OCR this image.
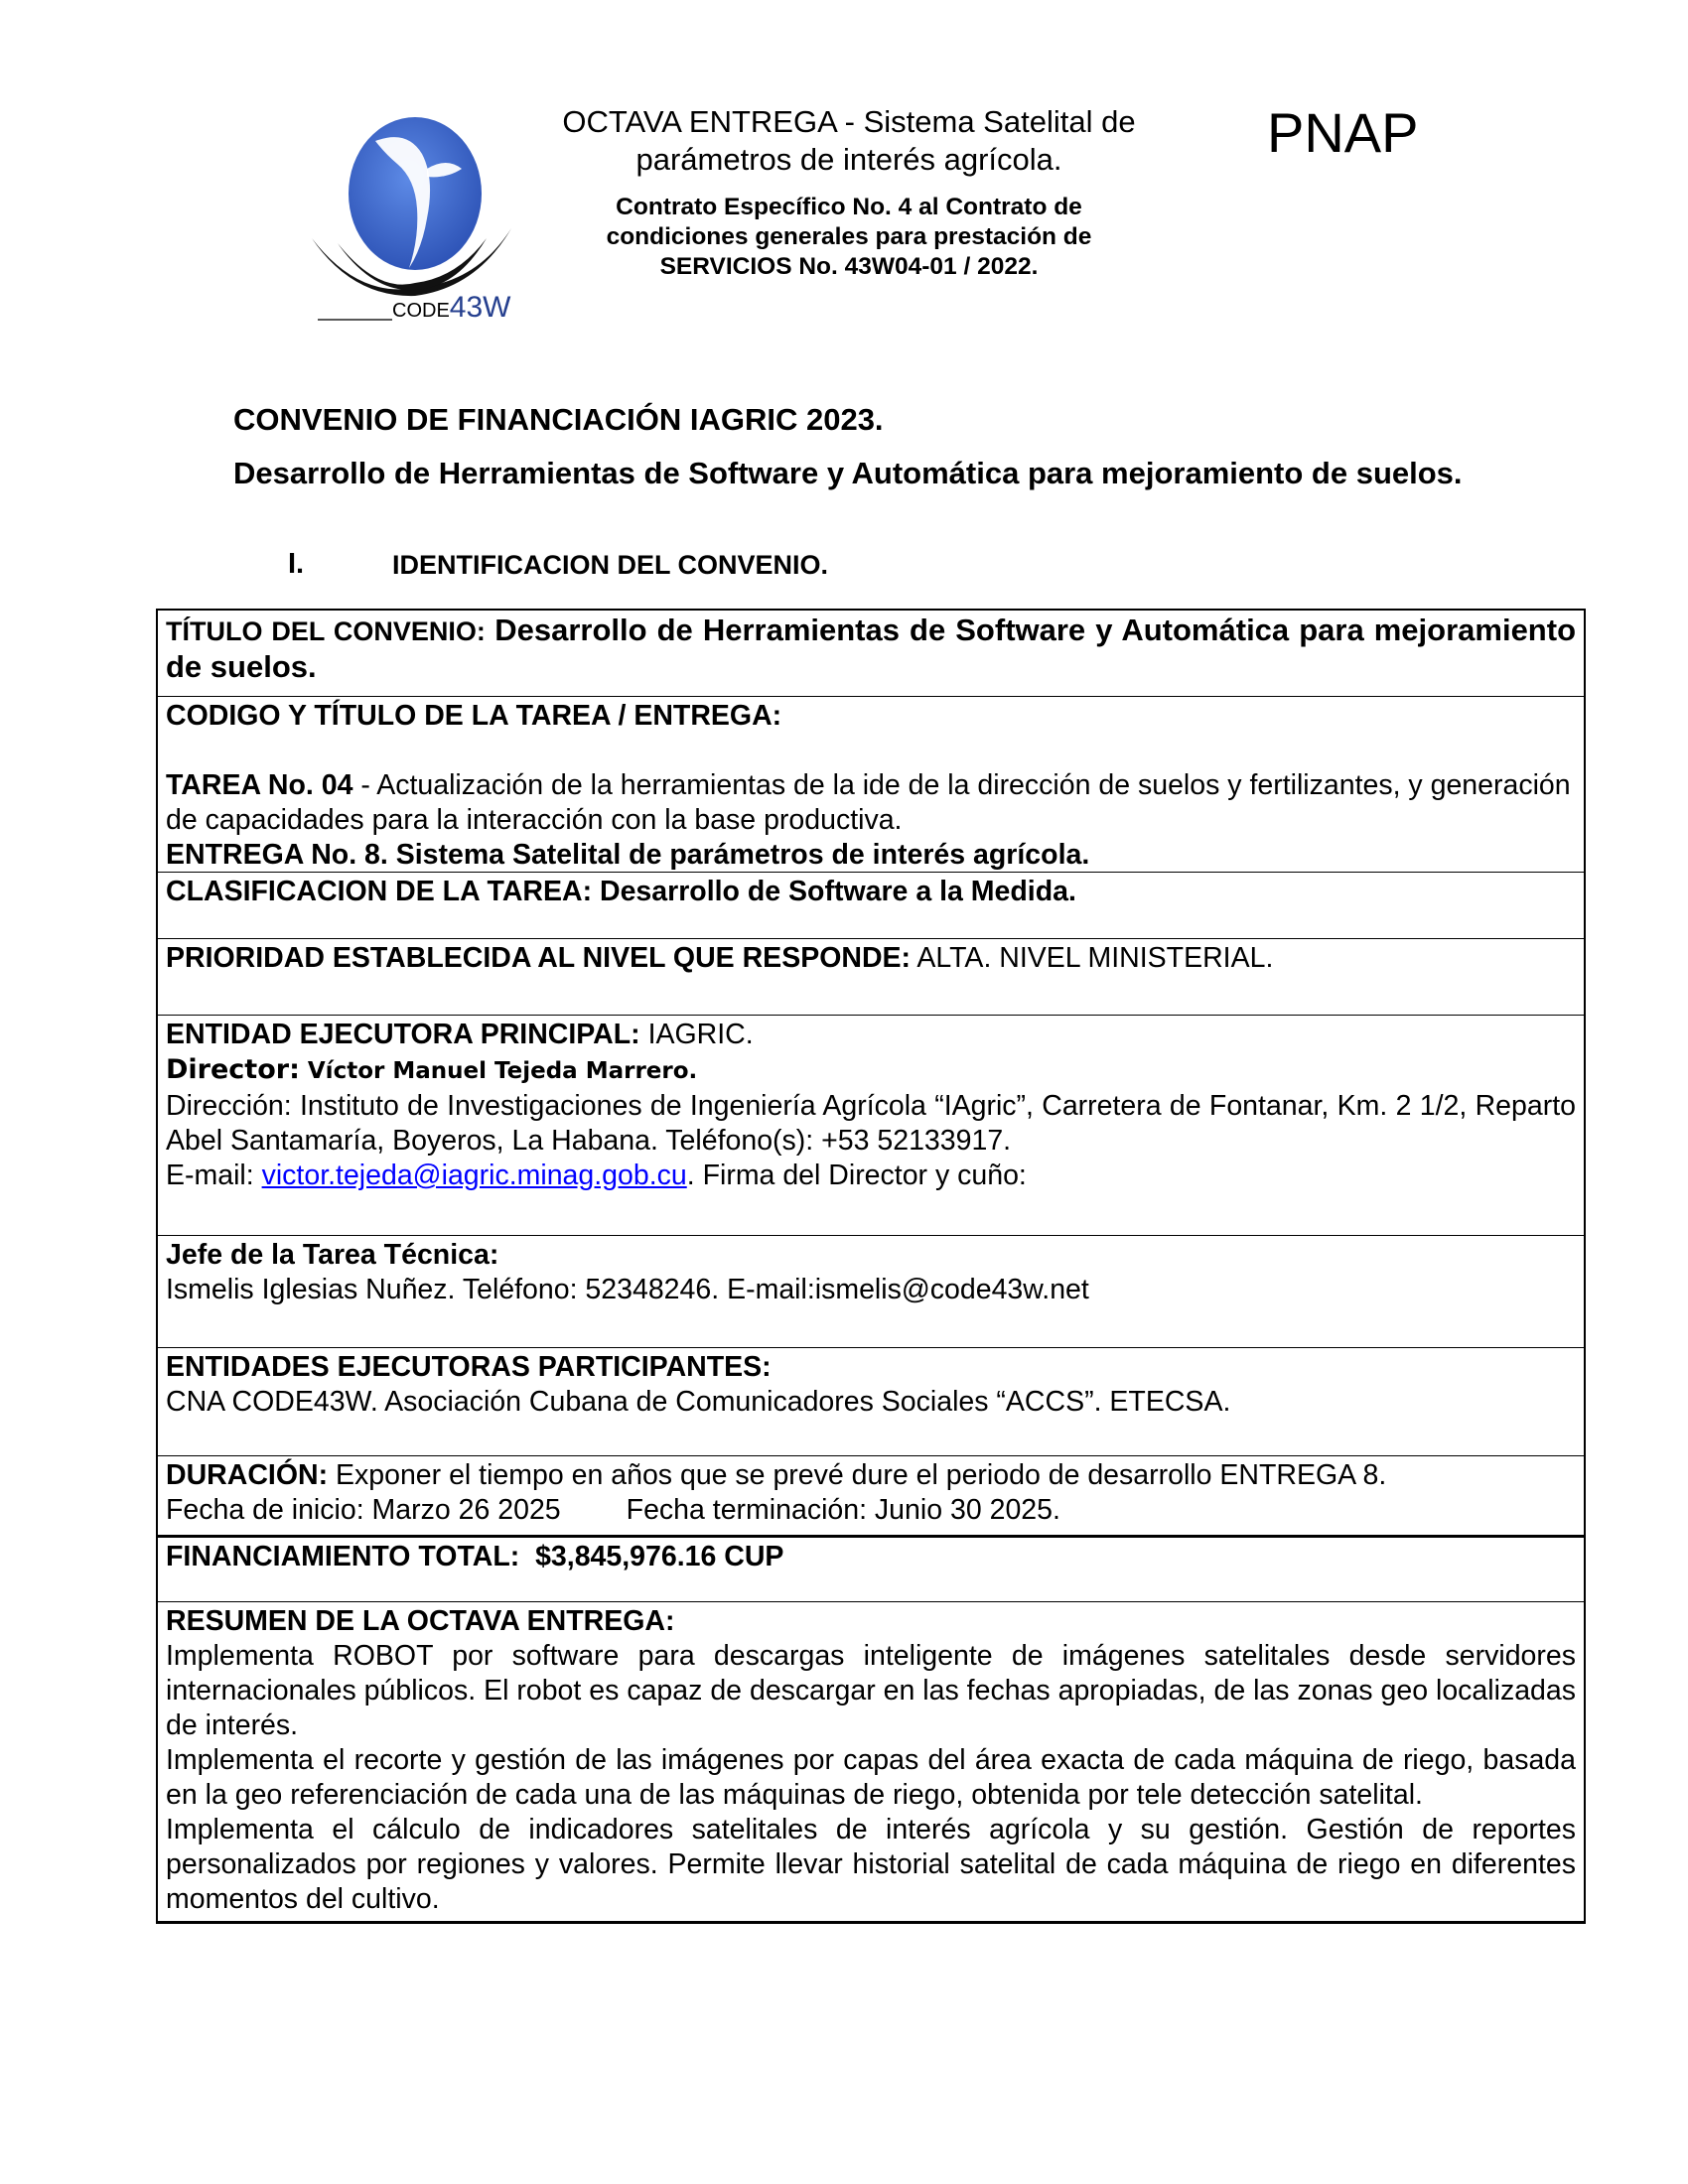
CODE43W
OCTAVA ENTREGA - Sistema Satelital de
parámetros de interés agrícola.
Contrato Específico No. 4 al Contrato de
condiciones generales para prestación de
SERVICIOS No. 43W04-01 / 2022.
PNAP
CONVENIO DE FINANCIACIÓN IAGRIC 2023.
Desarrollo de Herramientas de Software y Automática para mejoramiento de suelos.
I.	IDENTIFICACION DEL CONVENIO.
TÍTULO DEL CONVENIO: Desarrollo de Herramientas de Software y Automática para mejoramiento de suelos.
CODIGO Y TÍTULO DE LA TAREA / ENTREGA:
TAREA No. 04 - Actualización de la herramientas de la ide de la dirección de suelos y fertilizantes, y generación de capacidades para la interacción con la base productiva.
ENTREGA No. 8. Sistema Satelital de parámetros de interés agrícola.
CLASIFICACION DE LA TAREA: Desarrollo de Software a la Medida.
PRIORIDAD ESTABLECIDA AL NIVEL QUE RESPONDE: ALTA. NIVEL MINISTERIAL.
ENTIDAD EJECUTORA PRINCIPAL: IAGRIC.
Director: Víctor Manuel Tejeda Marrero.
Dirección: Instituto de Investigaciones de Ingeniería Agrícola “IAgric”, Carretera de Fontanar, Km. 2 1/2, Reparto Abel Santamaría, Boyeros, La Habana. Teléfono(s): +53 52133917.
E-mail: victor.tejeda@iagric.minag.gob.cu. Firma del Director y cuño:
Jefe de la Tarea Técnica:
Ismelis Iglesias Nuñez. Teléfono: 52348246. E-mail:ismelis@code43w.net
ENTIDADES EJECUTORAS PARTICIPANTES:
CNA CODE43W. Asociación Cubana de Comunicadores Sociales “ACCS”. ETECSA.
DURACIÓN: Exponer el tiempo en años que se prevé dure el periodo de desarrollo ENTREGA 8.
Fecha de inicio: Marzo 26 2025 Fecha terminación: Junio 30 2025.
FINANCIAMIENTO TOTAL: $3,845,976.16 CUP
RESUMEN DE LA OCTAVA ENTREGA:
Implementa ROBOT por software para descargas inteligente de imágenes satelitales desde servidores internacionales públicos. El robot es capaz de descargar en las fechas apropiadas, de las zonas geo localizadas de interés.
Implementa el recorte y gestión de las imágenes por capas del área exacta de cada máquina de riego, basada en la geo referenciación de cada una de las máquinas de riego, obtenida por tele detección satelital.
Implementa el cálculo de indicadores satelitales de interés agrícola y su gestión. Gestión de reportes personalizados por regiones y valores. Permite llevar historial satelital de cada máquina de riego en diferentes momentos del cultivo.
